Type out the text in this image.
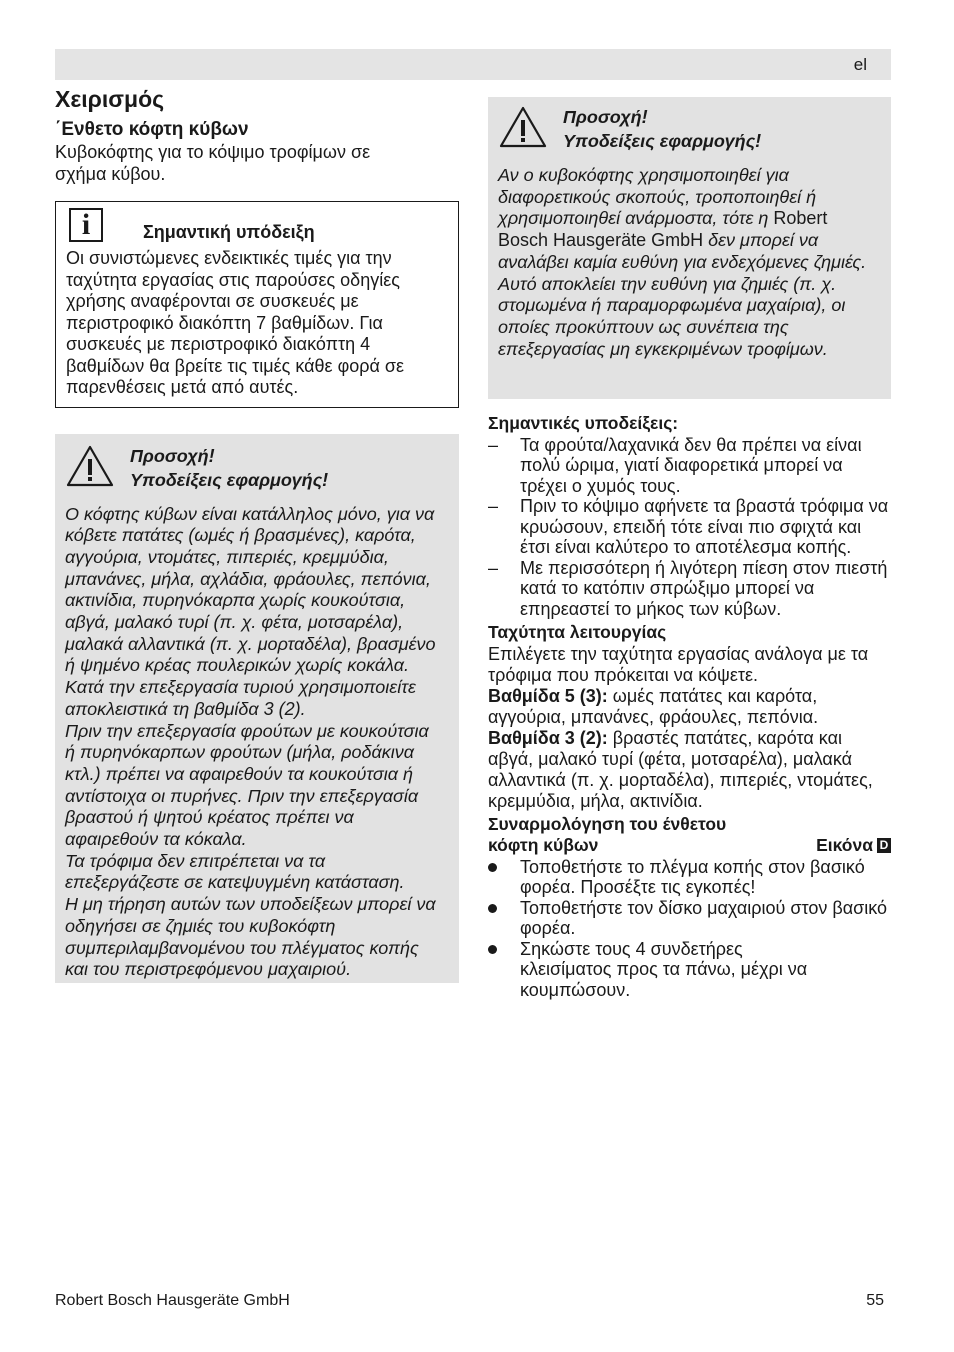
el
Χειρισμός
΄Ενθετο κόφτη κύβων

Κυβοκόφτης για το κόψιμο τροφίμων σε σχήμα κύβου.

i	Σημαντική υπόδειξη

Οι συνιστώμενες ενδεικτικές τιμές για την ταχύτητα εργασίας στις παρούσες οδηγίες χρήσης αναφέρονται σε συσκευές με περιστροφικό διακόπτη 7 βαθμίδων. Για συσκευές με περιστροφικό διακόπτη 4 βαθμίδων θα βρείτε τις τιμές κάθε φορά σε παρενθέσεις μετά από αυτές.

Προσοχή!
Υποδείξεις εφαρμογής!

Ο κόφτης κύβων είναι κατάλληλος μόνο, για να κόβετε πατάτες (ωμές ή βρασμένες), καρότα, αγγούρια, ντομάτες, πιπεριές, κρεμμύδια, μπανάνες, μήλα, αχλάδια, φράουλες, πεπόνια, ακτινίδια, πυρηνόκαρπα χωρίς κουκούτσια, αβγά, μαλακό τυρί (π. χ. φέτα, μοτσαρέλα), μαλακά αλλαντικά (π. χ. μορταδέλα), βρασμένο ή ψημένο κρέας πουλερικών χωρίς κοκάλα.

Κατά την επεξεργασία τυριού χρησιμοποιείτε αποκλειστικά τη βαθμίδα 3 (2).

Πριν την επεξεργασία φρούτων με κουκούτσια ή πυρηνόκαρπων φρούτων (μήλα, ροδάκινα κτλ.) πρέπει να αφαιρεθούν τα κουκούτσια ή αντίστοιχα οι πυρήνες. Πριν την επεξεργασία βραστού ή ψητού κρέατος πρέπει να αφαιρεθούν τα κόκαλα.

Τα τρόφιμα δεν επιτρέπεται να τα επεξεργάζεστε σε κατεψυγμένη κατάσταση.

Η μη τήρηση αυτών των υποδείξεων μπορεί να οδηγήσει σε ζημιές του κυβοκόφτη συμπεριλαμβανομένου του πλέγματος κοπής και του περιστρεφόμενου μαχαιριού.

Προσοχή!
Υποδείξεις εφαρμογής!

Αν ο κυβοκόφτης χρησιμοποιηθεί για διαφορετικούς σκοπούς, τροποποιηθεί ή χρησιμοποιηθεί ανάρμοστα, τότε η Robert Bosch Hausgeräte GmbH δεν μπορεί να αναλάβει καμία ευθύνη για ενδεχόμενες ζημιές.

Αυτό αποκλείει την ευθύνη για ζημιές (π. χ. στομωμένα ή παραμορφωμένα μαχαίρια), οι οποίες προκύπτουν ως συνέπεια της επεξεργασίας μη εγκεκριμένων τροφίμων.

Σημαντικές υποδείξεις:

– Τα φρούτα/λαχανικά δεν θα πρέπει να είναι πολύ ώριμα, γιατί διαφορετικά μπορεί να τρέχει ο χυμός τους.
– Πριν το κόψιμο αφήνετε τα βραστά τρόφιμα να κρυώσουν, επειδή τότε είναι πιο σφιχτά και έτσι είναι καλύτερο το αποτέλεσμα κοπής.
– Με περισσότερη ή λιγότερη πίεση στον πιεστή κατά το κατόπιν σπρώξιμο μπορεί να επηρεαστεί το μήκος των κύβων.

Ταχύτητα λειτουργίας

Επιλέγετε την ταχύτητα εργασίας ανάλογα με τα τρόφιμα που πρόκειται να κόψετε.

Βαθμίδα 5 (3): ωμές πατάτες και καρότα, αγγούρια, μπανάνες, φράουλες, πεπόνια.

Βαθμίδα 3 (2): βραστές πατάτες, καρότα και αβγά, μαλακό τυρί (φέτα, μοτσαρέλα), μαλακά αλλαντικά (π. χ. μορταδέλα), πιπεριές, ντομάτες, κρεμμύδια, μήλα, ακτινίδια.

Συναρμολόγηση του ένθετου

κόφτη κύβων	Εικόνα D
Τοποθετήστε το πλέγμα κοπής στον βασικό φορέα. Προσέξτε τις εγκοπές!
Τοποθετήστε τον δίσκο μαχαιριού στον βασικό φορέα.
Σηκώστε τους 4 συνδετήρες κλεισίματος προς τα πάνω, μέχρι να κουμπώσουν.
Robert Bosch Hausgeräte GmbH	55
